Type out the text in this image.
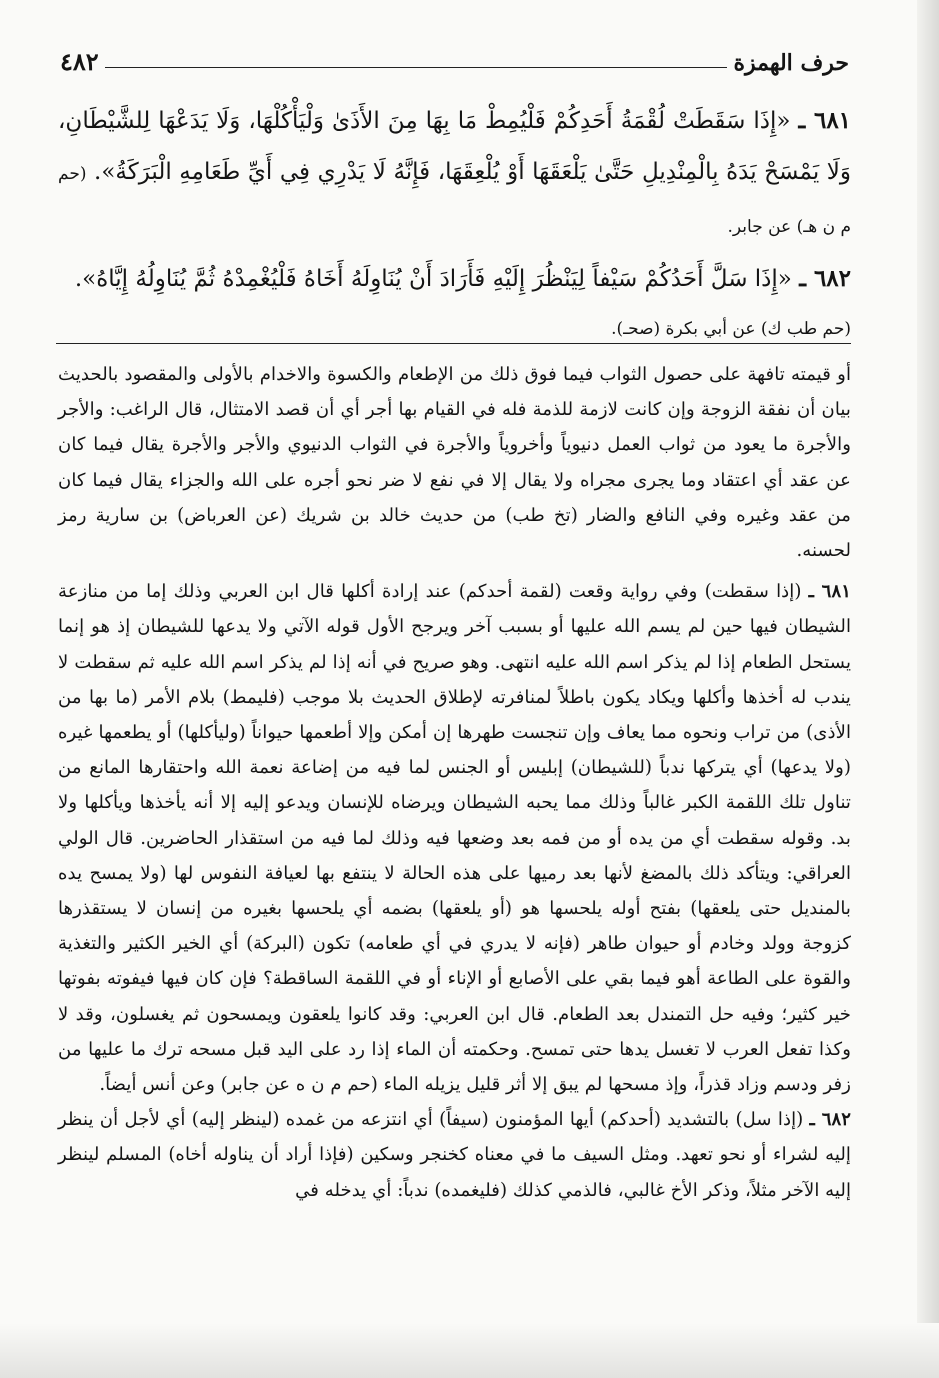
حرف الهمزة
٤٨٢

٦٨١ ـ «إِذَا سَقَطَتْ لُقْمَةُ أَحَدِكُمْ فَلْيُمِطْ مَا بِهَا مِنَ الأَذَىٰ وَلْيَأْكُلْهَا، وَلَا يَدَعْهَا لِلشَّيْطَانِ، وَلَا يَمْسَحْ يَدَهُ بِالْمِنْدِيلِ حَتَّىٰ يَلْعَقَهَا أَوْ يُلْعِقَهَا، فَإِنَّهُ لَا يَدْرِي فِي أَيِّ طَعَامِهِ الْبَرَكَةُ». (حم م ن هـ) عن جابر.

٦٨٢ ـ «إِذَا سَلَّ أَحَدُكُمْ سَيْفاً لِيَنْظُرَ إِلَيْهِ فَأَرَادَ أَنْ يُنَاوِلَهُ أَخَاهُ فَلْيُغْمِدْهُ ثُمَّ يُنَاوِلُهُ إِيَّاهُ».

(حم طب ك) عن أبي بكرة (صحـ).

أو قيمته تافهة على حصول الثواب فيما فوق ذلك من الإطعام والكسوة والاخدام بالأولى والمقصود بالحديث بيان أن نفقة الزوجة وإن كانت لازمة للذمة فله في القيام بها أجر أي أن قصد الامتثال، قال الراغب: والأجر والأجرة ما يعود من ثواب العمل دنيوياً وأخروياً والأجرة في الثواب الدنيوي والأجر والأجرة يقال فيما كان عن عقد أي اعتقاد وما يجرى مجراه ولا يقال إلا في نفع لا ضر نحو أجره على الله والجزاء يقال فيما كان من عقد وغيره وفي النافع والضار (تخ طب) من حديث خالد بن شريك (عن العرباض) بن سارية رمز لحسنه.

٦٨١ ـ (إذا سقطت) وفي رواية وقعت (لقمة أحدكم) عند إرادة أكلها قال ابن العربي وذلك إما من منازعة الشيطان فيها حين لم يسم الله عليها أو بسبب آخر ويرجح الأول قوله الآتي ولا يدعها للشيطان إذ هو إنما يستحل الطعام إذا لم يذكر اسم الله عليه انتهى. وهو صريح في أنه إذا لم يذكر اسم الله عليه ثم سقطت لا يندب له أخذها وأكلها ويكاد يكون باطلاً لمنافرته لإطلاق الحديث بلا موجب (فليمط) بلام الأمر (ما بها من الأذى) من تراب ونحوه مما يعاف وإن تنجست طهرها إن أمكن وإلا أطعمها حيواناً (وليأكلها) أو يطعمها غيره (ولا يدعها) أي يتركها ندباً (للشيطان) إبليس أو الجنس لما فيه من إضاعة نعمة الله واحتقارها المانع من تناول تلك اللقمة الكبر غالباً وذلك مما يحبه الشيطان ويرضاه للإنسان ويدعو إليه إلا أنه يأخذها ويأكلها ولا بد. وقوله سقطت أي من يده أو من فمه بعد وضعها فيه وذلك لما فيه من استقذار الحاضرين. قال الولي العراقي: ويتأكد ذلك بالمضغ لأنها بعد رميها على هذه الحالة لا ينتفع بها لعيافة النفوس لها (ولا يمسح يده بالمنديل حتى يلعقها) بفتح أوله يلحسها هو (أو يلعقها) بضمه أي يلحسها بغيره من إنسان لا يستقذرها كزوجة وولد وخادم أو حيوان طاهر (فإنه لا يدري في أي طعامه) تكون (البركة) أي الخير الكثير والتغذية والقوة على الطاعة أهو فيما بقي على الأصابع أو الإناء أو في اللقمة الساقطة؟ فإن كان فيها فيفوته بفوتها خير كثير؛ وفيه حل التمندل بعد الطعام. قال ابن العربي: وقد كانوا يلعقون ويمسحون ثم يغسلون، وقد لا وكذا تفعل العرب لا تغسل يدها حتى تمسح. وحكمته أن الماء إذا رد على اليد قبل مسحه ترك ما عليها من زفر ودسم وزاد قذراً، وإذ مسحها لم يبق إلا أثر قليل يزيله الماء (حم م ن ه عن جابر) وعن أنس أيضاً.

٦٨٢ ـ (إذا سل) بالتشديد (أحدكم) أيها المؤمنون (سيفاً) أي انتزعه من غمده (لينظر إليه) أي لأجل أن ينظر إليه لشراء أو نحو تعهد. ومثل السيف ما في معناه كخنجر وسكين (فإذا أراد أن يناوله أخاه) المسلم لينظر إليه الآخر مثلاً، وذكر الأخ غالبي، فالذمي كذلك (فليغمده) ندباً: أي يدخله في
